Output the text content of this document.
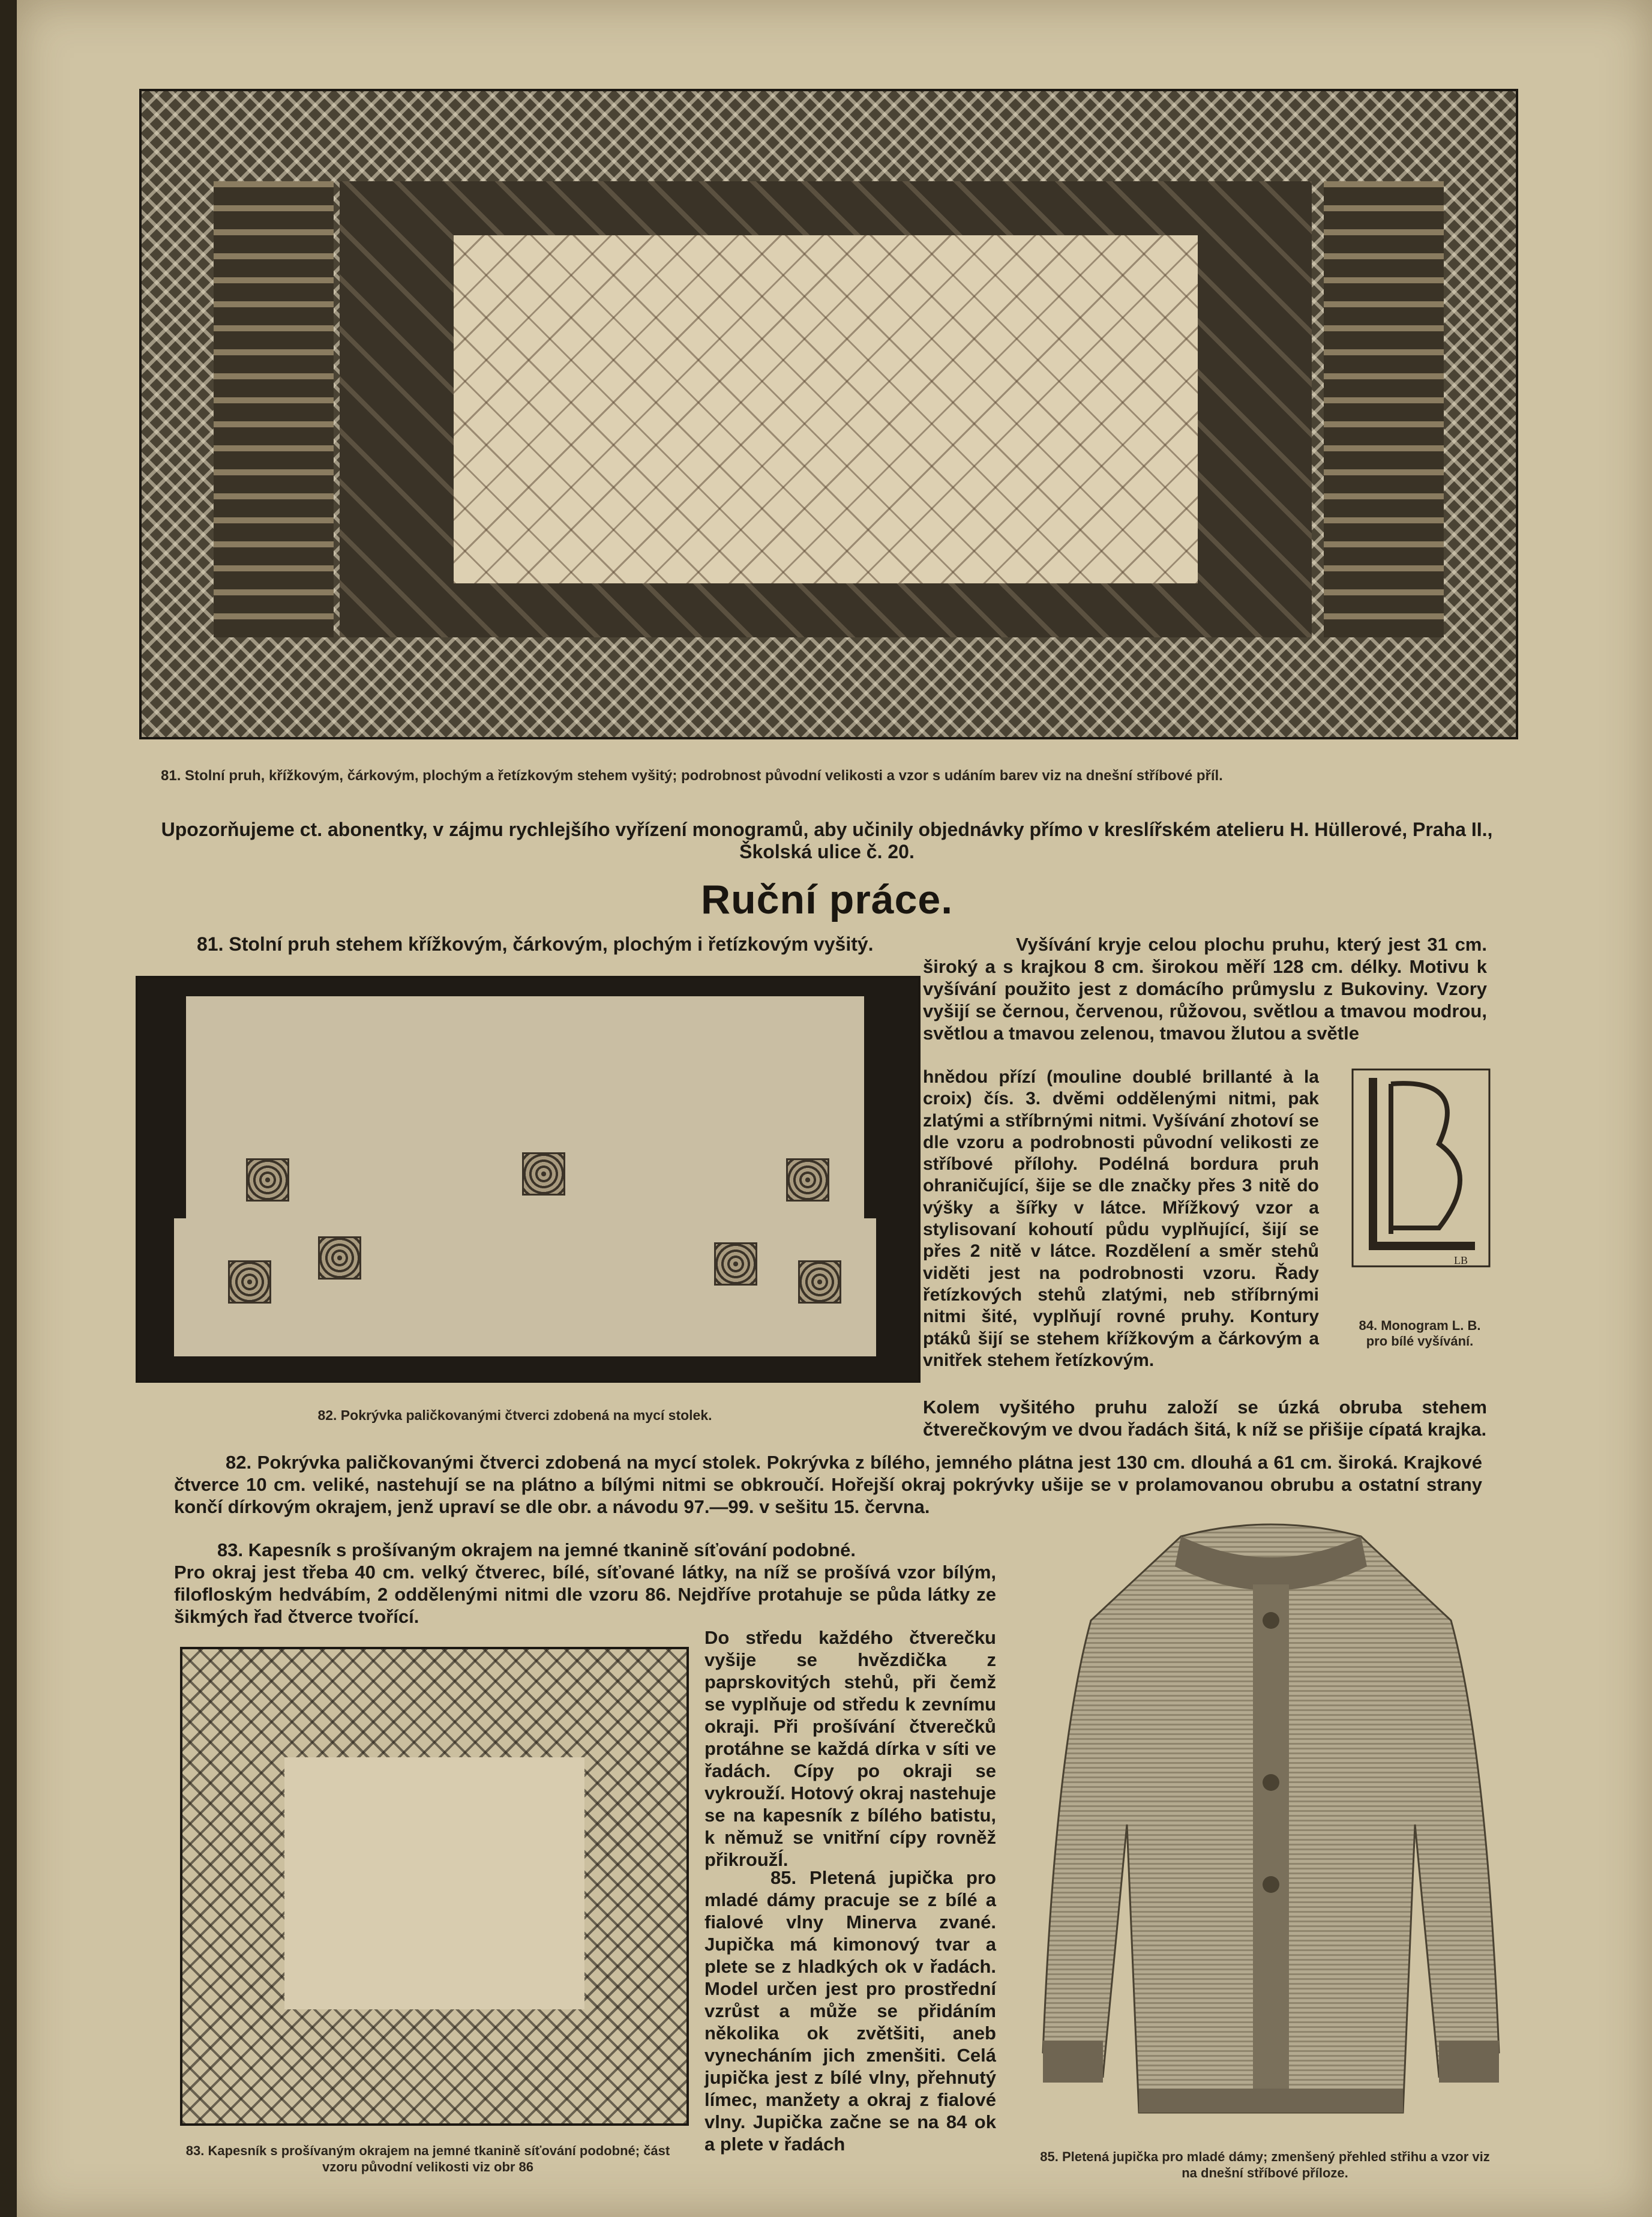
81. Stolní pruh, křížkovým, čárkovým, plochým a řetízkovým stehem vyšitý; podrobnost původní velikosti a vzor s udáním barev viz na dnešní stříbové příl.

Upozorňujeme ct. abonentky, v zájmu rychlejšího vyřízení monogramů, aby učinily objednávky přímo v kreslířském atelieru H. Hüllerové, Praha II., Školská ulice č. 20.

Ruční práce.

81. Stolní pruh stehem křížkovým, čárkovým, plochým i řetízkovým vyšitý.	Vyšívání kryje celou plochu pruhu, který jest 31 cm. široký a s krajkou 8 cm. širokou měří 128 cm. délky. Motivu k vyšívání použito jest z domácího průmyslu z Bukoviny. Vzory vyšijí se černou, červenou, růžovou, světlou a tmavou modrou, světlou a tmavou zelenou, tmavou žlutou a světle

hnědou přízí (mouline doublé brillanté à la croix) čís. 3. dvěmi oddělenými nitmi, pak zlatými a stříbrnými nitmi. Vyšívání zhotoví se dle vzoru a podrobnosti původní velikosti ze stříbové přílohy. Podélná bordura pruh ohraničující, šije se dle značky přes 3 nitě do výšky a šířky v látce. Mřížkový vzor a stylisovaní kohoutí půdu vyplňující, šijí se přes 2 nitě v látce. Rozdělení a směr stehů viděti jest na podrobnosti vzoru. Řady řetízkových stehů zlatými, neb stříbrnými nitmi šité, vyplňují rovné pruhy. Kontury ptáků šijí se stehem křížkovým a čárkovým a vnitřek stehem řetízkovým.

Kolem vyšitého pruhu založí se úzká obruba stehem čtverečkovým ve dvou řadách šitá, k níž se přišije cípatá krajka.

LB
84. Monogram L. B. pro bílé vyšívání.
82. Pokrývka paličkovanými čtverci zdobená na mycí stolek.

82. Pokrývka paličkovanými čtverci zdobená na mycí stolek. Pokrývka z bílého, jemného plátna jest 130 cm. dlouhá a 61 cm. široká. Krajkové čtverce 10 cm. veliké, nastehují se na plátno a bílými nitmi se obkroučí. Hořejší okraj pokrývky ušije se v prolamovanou obrubu a ostatní strany končí dírkovým okrajem, jenž upraví se dle obr. a návodu 97.—99. v sešitu 15. června.

83. Kapesník s prošívaným okrajem na jemné tkanině síťování podobné.

Pro okraj jest třeba 40 cm. velký čtverec, bílé, síťované látky, na níž se prošívá vzor bílým, filofloským hedvábím, 2 oddělenými nitmi dle vzoru 86. Nejdříve protahuje se půda látky ze šikmých řad čtverce tvořící.

Do středu každého čtverečku vyšije se hvězdička z paprskovitých stehů, při čemž se vyplňuje od středu k zevnímu okraji. Při prošívání čtverečků protáhne se každá dírka v síti ve řadách. Cípy po okraji se vykrouží. Hotový okraj nastehuje se na kapesník z bílého batistu, k němuž se vnitřní cípy rovněž přikroužÍ.

83. Kapesník s prošívaným okrajem na jemné tkanině síťování podobné; část vzoru původní velikosti viz obr 86

85. Pletená jupička pro mladé dámy pracuje se z bílé a fialové vlny Minerva zvané. Jupička má kimonový tvar a plete se z hladkých ok v řadách. Model určen jest pro prostřední vzrůst a může se přidáním několika ok zvětšiti, aneb vynecháním jich zmenšiti. Celá jupička jest z bílé vlny, přehnutý límec, manžety a okraj z fialové vlny. Jupička začne se na 84 ok a plete v řadách

85. Pletená jupička pro mladé dámy; zmenšený přehled střihu a vzor viz na dnešní stříbové příloze.
